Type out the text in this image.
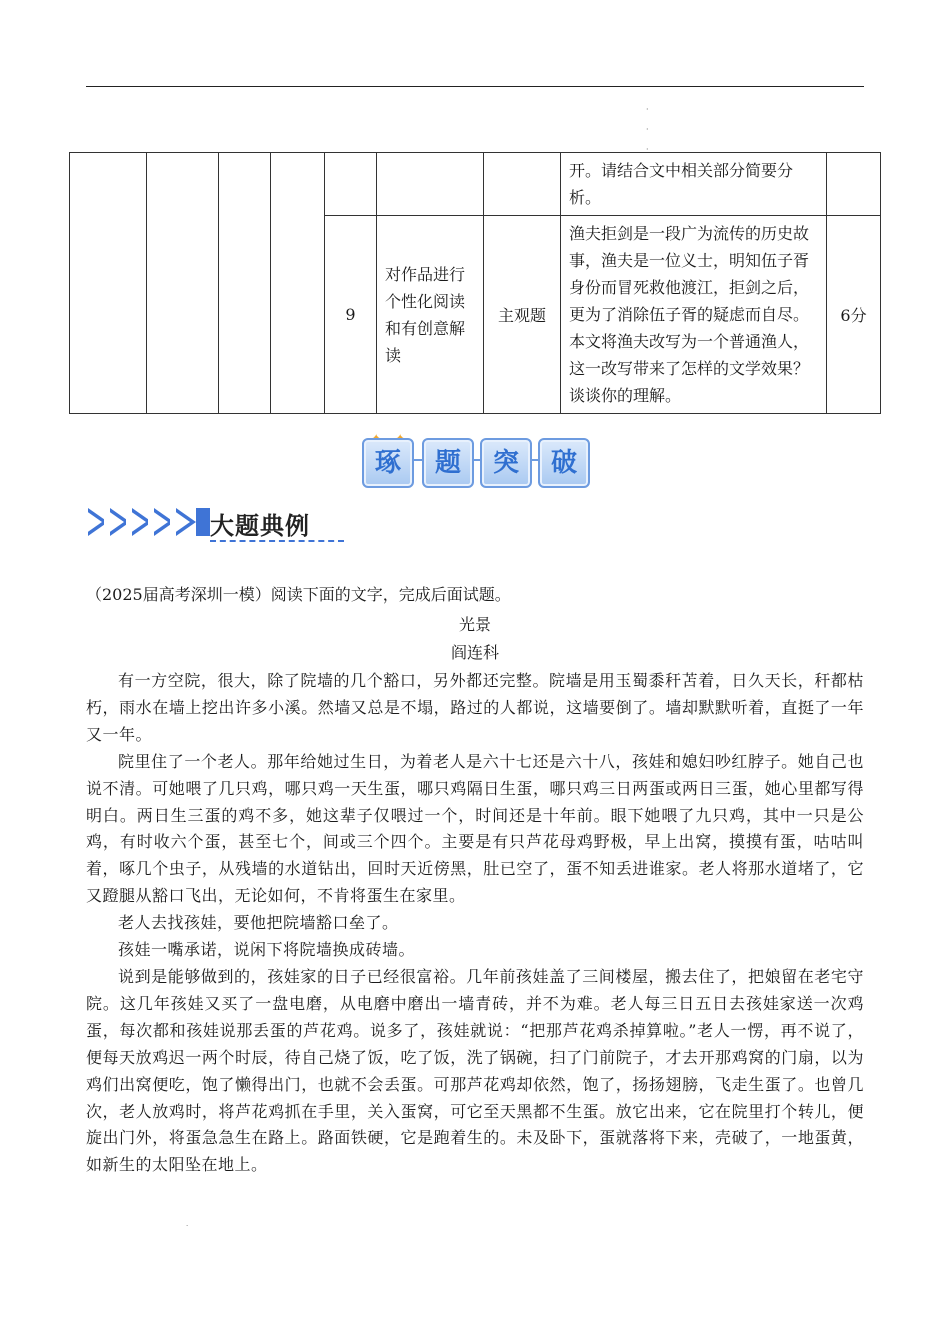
·
·
·
							开。请结合文中相关部分简要分析。	
				9	对作品进行个性化阅读和有创意解读	主观题	渔夫拒剑是一段广为流传的历史故事，渔夫是一位义士，明知伍子胥身份而冒死救他渡江，拒剑之后，更为了消除伍子胥的疑虑而自尽。本文将渔夫改写为一个普通渔人，这一改写带来了怎样的文学效果？谈谈你的理解。	6分
琢	题	突	破
大题典例
（2025届高考深圳一模）阅读下面的文字，完成后面试题。
光景
阎连科

有一方空院，很大，除了院墙的几个豁口，另外都还完整。院墙是用玉蜀黍秆苫着，日久天长，秆都枯朽，雨水在墙上挖出许多小溪。然墙又总是不塌，路过的人都说，这墙要倒了。墙却默默听着，直挺了一年又一年。

院里住了一个老人。那年给她过生日，为着老人是六十七还是六十八，孩娃和媳妇吵红脖子。她自己也说不清。可她喂了几只鸡，哪只鸡一天生蛋，哪只鸡隔日生蛋，哪只鸡三日两蛋或两日三蛋，她心里都写得明白。两日生三蛋的鸡不多，她这辈子仅喂过一个，时间还是十年前。眼下她喂了九只鸡，其中一只是公鸡，有时收六个蛋，甚至七个，间或三个四个。主要是有只芦花母鸡野极，早上出窝，摸摸有蛋，咕咕叫着，啄几个虫子，从残墙的水道钻出，回时天近傍黑，肚已空了，蛋不知丢进谁家。老人将那水道堵了，它又蹬腿从豁口飞出，无论如何，不肯将蛋生在家里。

老人去找孩娃，要他把院墙豁口垒了。

孩娃一嘴承诺，说闲下将院墙换成砖墙。

说到是能够做到的，孩娃家的日子已经很富裕。几年前孩娃盖了三间楼屋，搬去住了，把娘留在老宅守院。这几年孩娃又买了一盘电磨，从电磨中磨出一墙青砖，并不为难。老人每三日五日去孩娃家送一次鸡蛋，每次都和孩娃说那丢蛋的芦花鸡。说多了，孩娃就说：“把那芦花鸡杀掉算啦。”老人一愣，再不说了，便每天放鸡迟一两个时辰，待自己烧了饭，吃了饭，洗了锅碗，扫了门前院子，才去开那鸡窝的门扇，以为鸡们出窝便吃，饱了懒得出门，也就不会丢蛋。可那芦花鸡却依然，饱了，扬扬翅膀，飞走生蛋了。也曾几次，老人放鸡时，将芦花鸡抓在手里，关入蛋窝，可它至天黑都不生蛋。放它出来，它在院里打个转儿，便旋出门外，将蛋急急生在路上。路面铁硬，它是跑着生的。未及卧下，蛋就落将下来，壳破了，一地蛋黄，如新生的太阳坠在地上。

·
